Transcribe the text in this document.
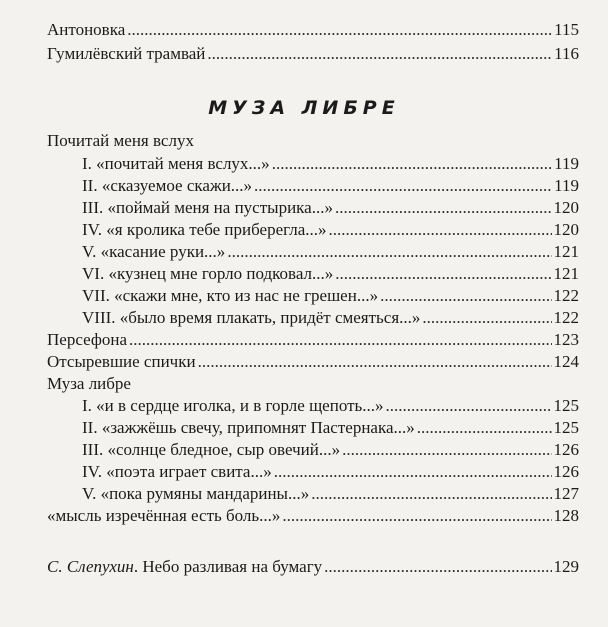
Антоновка .....	115
Гумилёвский трамвай .....	116
МУЗА ЛИБРЕ
Почитай меня вслух
I. «почитай меня вслух...» .....	119
II. «сказуемое скажи...» .....	119
III. «поймай меня на пустырика...» .....	120
IV. «я кролика тебе приберегла...» .....	120
V. «касание руки...» .....	121
VI. «кузнец мне горло подковал...» .....	121
VII. «скажи мне, кто из нас не грешен...» .....	122
VIII. «было время плакать, придёт смеяться...» .....	122
Персефона .....	123
Отсыревшие спички .....	124
Муза либре
I. «и в сердце иголка, и в горле щепоть...» .....	125
II. «зажжёшь свечу, припомнят Пастернака...» .....	125
III. «солнце бледное, сыр овечий...» .....	126
IV. «поэта играет свита...» .....	126
V. «пока румяны мандарины...» .....	127
«мысль изречённая есть боль...» .....	128
С. Слепухин. Небо разливая на бумагу .....	129
